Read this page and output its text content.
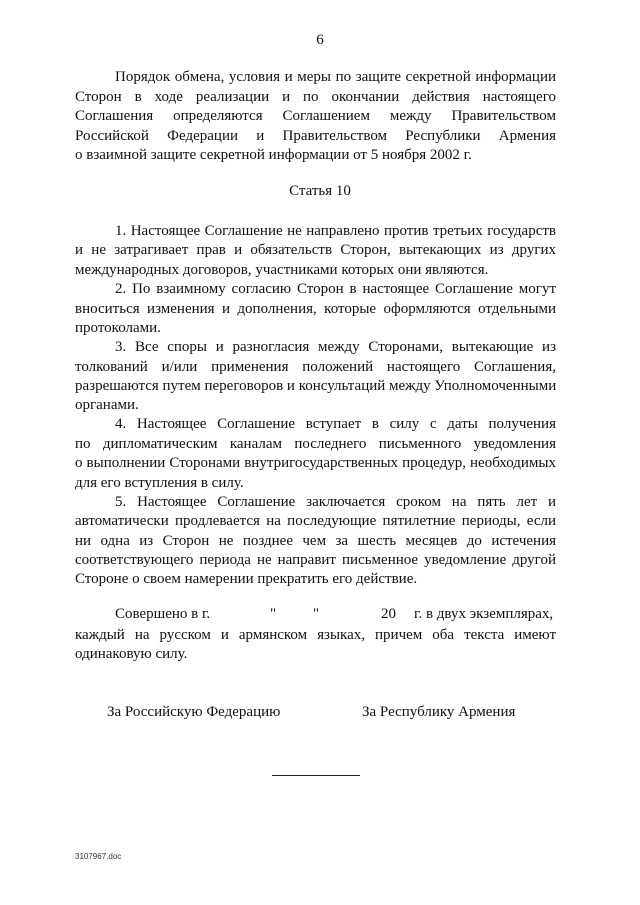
6
Порядок обмена, условия и меры по защите секретной информации
Сторон в ходе реализации и по окончании действия настоящего
Соглашения определяются Соглашением между Правительством
Российской Федерации и Правительством Республики Армения
о взаимной защите секретной информации от 5 ноября 2002 г.
Статья 10
1. Настоящее Соглашение не направлено против третьих государств
и не затрагивает прав и обязательств Сторон, вытекающих из других
международных договоров, участниками которых они являются.
2. По взаимному согласию Сторон в настоящее Соглашение могут
вноситься изменения и дополнения, которые оформляются отдельными
протоколами.
3. Все споры и разногласия между Сторонами, вытекающие из
толкований и/или применения положений настоящего Соглашения,
разрешаются путем переговоров и консультаций между Уполномоченными
органами.
4. Настоящее Соглашение вступает в силу с даты получения
по дипломатическим каналам последнего письменного уведомления
о выполнении Сторонами внутригосударственных процедур, необходимых
для его вступления в силу.
5. Настоящее Соглашение заключается сроком на пять лет и
автоматически продлевается на последующие пятилетние периоды, если
ни одна из Сторон не позднее чем за шесть месяцев до истечения
соответствующего периода не направит письменное уведомление другой
Стороне о своем намерении прекратить его действие.
Совершено в г.	" "	20 г. в двух экземплярах,
каждый на русском и армянском языках, причем оба текста имеют
одинаковую силу.
За Российскую Федерацию	За Республику Армения
3107967.doc
